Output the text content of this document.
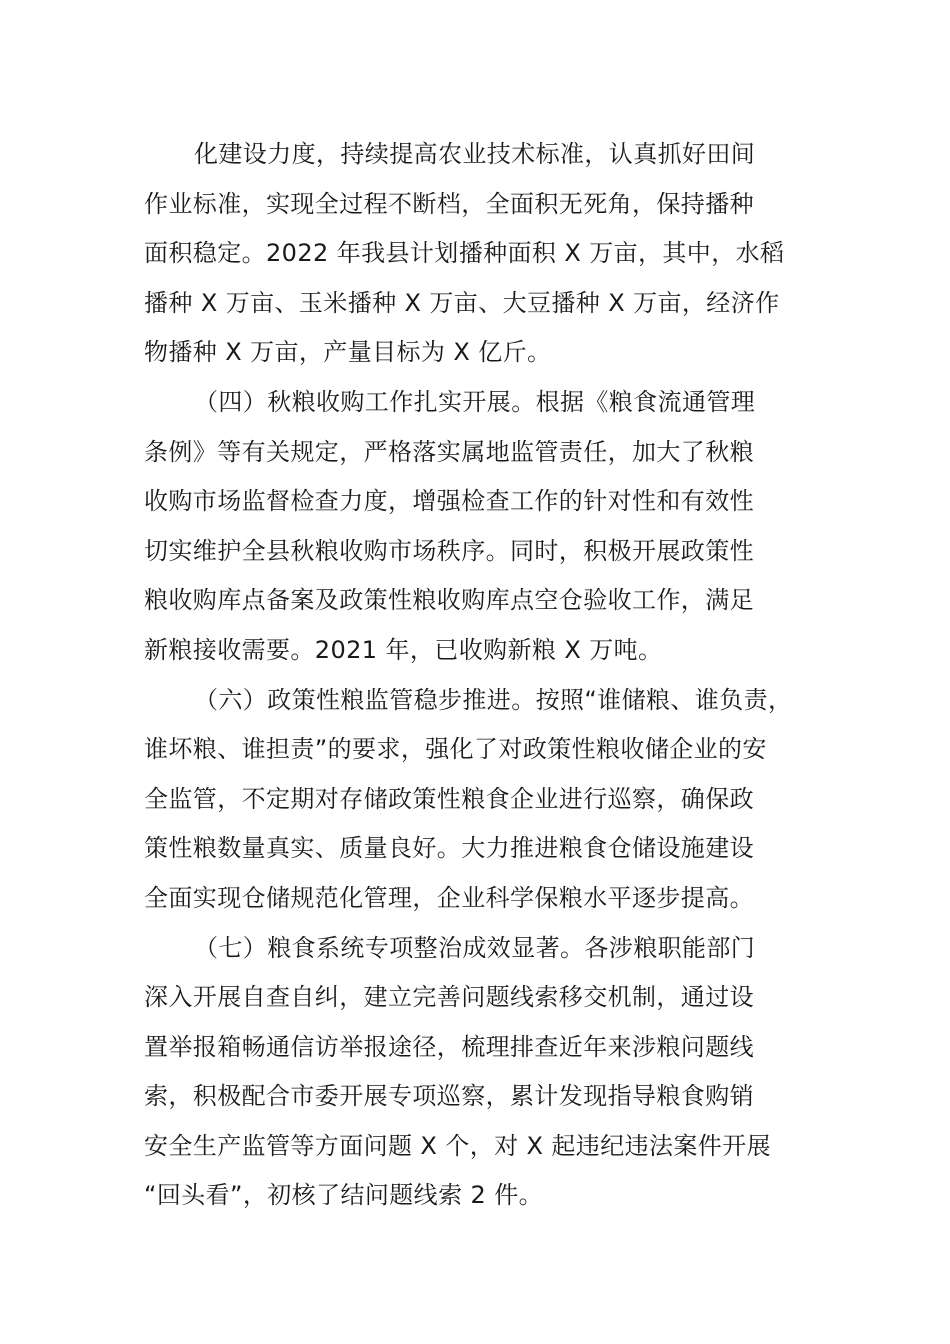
化建设力度，持续提高农业技术标准，认真抓好田间
作业标准，实现全过程不断档，全面积无死角，保持播种
面积稳定。2022 年我县计划播种面积 X 万亩，其中，水稻
播种 X 万亩、玉米播种 X 万亩、大豆播种 X 万亩，经济作
物播种 X 万亩，产量目标为 X 亿斤。
（四）秋粮收购工作扎实开展。根据《粮食流通管理
条例》等有关规定，严格落实属地监管责任，加大了秋粮
收购市场监督检查力度，增强检查工作的针对性和有效性
切实维护全县秋粮收购市场秩序。同时，积极开展政策性
粮收购库点备案及政策性粮收购库点空仓验收工作，满足
新粮接收需要。2021 年，已收购新粮 X 万吨。
（六）政策性粮监管稳步推进。按照“谁储粮、谁负责，
谁坏粮、谁担责”的要求，强化了对政策性粮收储企业的安
全监管，不定期对存储政策性粮食企业进行巡察，确保政
策性粮数量真实、质量良好。大力推进粮食仓储设施建设
全面实现仓储规范化管理，企业科学保粮水平逐步提高。
（七）粮食系统专项整治成效显著。各涉粮职能部门
深入开展自查自纠，建立完善问题线索移交机制，通过设
置举报箱畅通信访举报途径，梳理排查近年来涉粮问题线
索，积极配合市委开展专项巡察，累计发现指导粮食购销
安全生产监管等方面问题 X 个，对 X 起违纪违法案件开展
“回头看”，初核了结问题线索 2 件。
